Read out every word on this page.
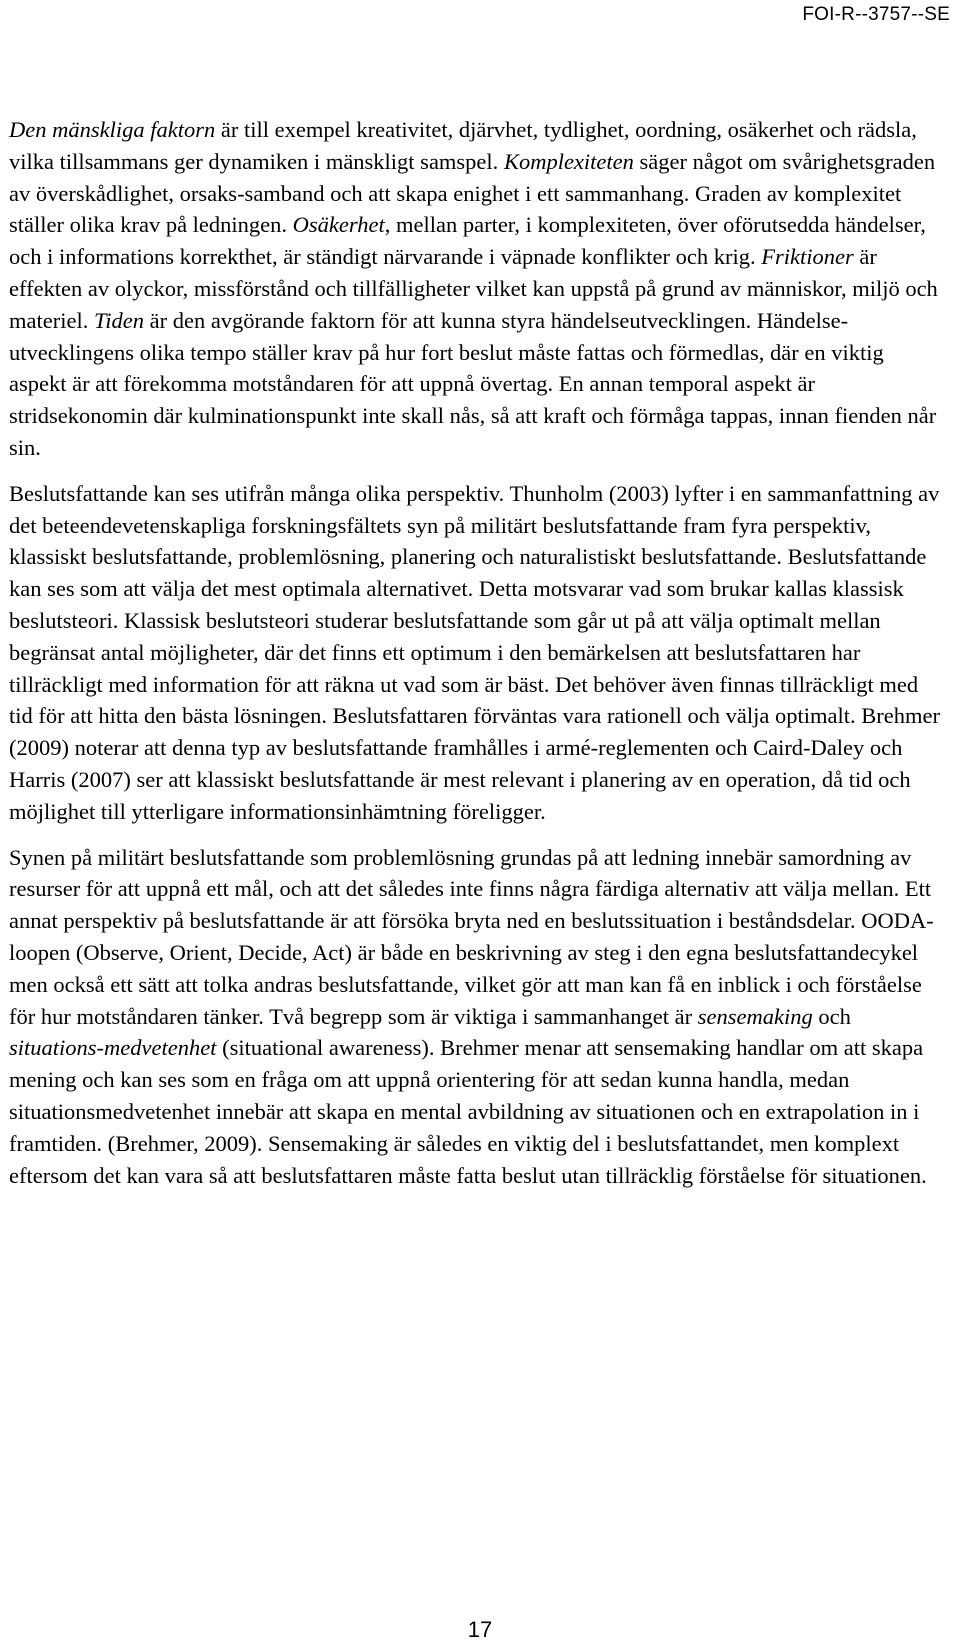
FOI-R--3757--SE

Den mänskliga faktorn är till exempel kreativitet, djärvhet, tydlighet, oordning, osäkerhet och rädsla, vilka tillsammans ger dynamiken i mänskligt samspel. Komplexiteten säger något om svårighetsgraden av överskådlighet, orsaks-samband och att skapa enighet i ett sammanhang. Graden av komplexitet ställer olika krav på ledningen. Osäkerhet, mellan parter, i komplexiteten, över oförutsedda händelser, och i informations korrekthet, är ständigt närvarande i väpnade konflikter och krig. Friktioner är effekten av olyckor, missförstånd och tillfälligheter vilket kan uppstå på grund av människor, miljö och materiel. Tiden är den avgörande faktorn för att kunna styra händelseutvecklingen. Händelse-utvecklingens olika tempo ställer krav på hur fort beslut måste fattas och förmedlas, där en viktig aspekt är att förekomma motståndaren för att uppnå övertag. En annan temporal aspekt är stridsekonomin där kulminationspunkt inte skall nås, så att kraft och förmåga tappas, innan fienden når sin.

Beslutsfattande kan ses utifrån många olika perspektiv. Thunholm (2003) lyfter i en sammanfattning av det beteendevetenskapliga forskningsfältets syn på militärt beslutsfattande fram fyra perspektiv, klassiskt beslutsfattande, problemlösning, planering och naturalistiskt beslutsfattande. Beslutsfattande kan ses som att välja det mest optimala alternativet. Detta motsvarar vad som brukar kallas klassisk beslutsteori. Klassisk beslutsteori studerar beslutsfattande som går ut på att välja optimalt mellan begränsat antal möjligheter, där det finns ett optimum i den bemärkelsen att beslutsfattaren har tillräckligt med information för att räkna ut vad som är bäst. Det behöver även finnas tillräckligt med tid för att hitta den bästa lösningen. Beslutsfattaren förväntas vara rationell och välja optimalt. Brehmer (2009) noterar att denna typ av beslutsfattande framhålles i armé-reglementen och Caird-Daley och Harris (2007) ser att klassiskt beslutsfattande är mest relevant i planering av en operation, då tid och möjlighet till ytterligare informationsinhämtning föreligger.

Synen på militärt beslutsfattande som problemlösning grundas på att ledning innebär samordning av resurser för att uppnå ett mål, och att det således inte finns några färdiga alternativ att välja mellan. Ett annat perspektiv på beslutsfattande är att försöka bryta ned en beslutssituation i beståndsdelar. OODA-loopen (Observe, Orient, Decide, Act) är både en beskrivning av steg i den egna beslutsfattandecykel men också ett sätt att tolka andras beslutsfattande, vilket gör att man kan få en inblick i och förståelse för hur motståndaren tänker. Två begrepp som är viktiga i sammanhanget är sensemaking och situations-medvetenhet (situational awareness). Brehmer menar att sensemaking handlar om att skapa mening och kan ses som en fråga om att uppnå orientering för att sedan kunna handla, medan situationsmedvetenhet innebär att skapa en mental avbildning av situationen och en extrapolation in i framtiden. (Brehmer, 2009). Sensemaking är således en viktig del i beslutsfattandet, men komplext eftersom det kan vara så att beslutsfattaren måste fatta beslut utan tillräcklig förståelse för situationen.

17
